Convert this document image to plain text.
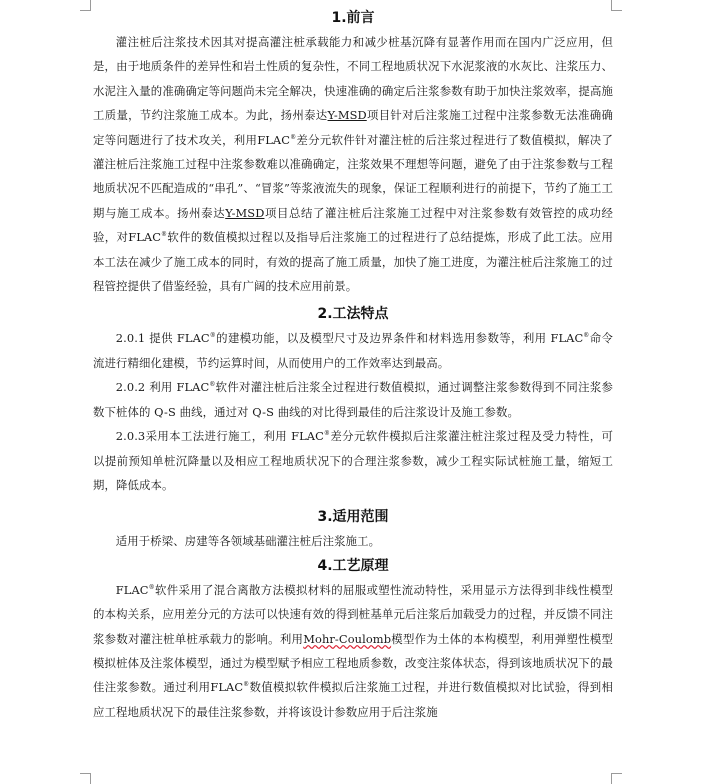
1.前言

灌注桩后注浆技术因其对提高灌注桩承载能力和减少桩基沉降有显著作用而在国内广泛应用，但是，由于地质条件的差异性和岩土性质的复杂性，不同工程地质状况下水泥浆液的水灰比、注浆压力、水泥注入量的准确确定等问题尚未完全解决，快速准确的确定后注浆参数有助于加快注浆效率，提高施工质量，节约注浆施工成本。为此，扬州泰达Y-MSD项目针对后注浆施工过程中注浆参数无法准确确定等问题进行了技术攻关，利用FLAC®差分元软件针对灌注桩的后注浆过程进行了数值模拟，解决了灌注桩后注浆施工过程中注浆参数难以准确确定，注浆效果不理想等问题，避免了由于注浆参数与工程地质状况不匹配造成的“串孔”、“冒浆”等浆液流失的现象，保证工程顺利进行的前提下，节约了施工工期与施工成本。扬州泰达Y-MSD项目总结了灌注桩后注浆施工过程中对注浆参数有效管控的成功经验，对FLAC®软件的数值模拟过程以及指导后注浆施工的过程进行了总结提炼，形成了此工法。应用本工法在减少了施工成本的同时，有效的提高了施工质量，加快了施工进度，为灌注桩后注浆施工的过程管控提供了借鉴经验，具有广阔的技术应用前景。

2.工法特点

2.0.1 提供 FLAC®的建模功能，以及模型尺寸及边界条件和材料选用参数等，利用 FLAC®命令流进行精细化建模，节约运算时间，从而使用户的工作效率达到最高。

2.0.2 利用 FLAC®软件对灌注桩后注浆全过程进行数值模拟，通过调整注浆参数得到不同注浆参数下桩体的 Q-S 曲线，通过对 Q-S 曲线的对比得到最佳的后注浆设计及施工参数。

2.0.3采用本工法进行施工，利用 FLAC®差分元软件模拟后注浆灌注桩注浆过程及受力特性，可以提前预知单桩沉降量以及相应工程地质状况下的合理注浆参数，减少工程实际试桩施工量，缩短工期，降低成本。

3.适用范围

适用于桥梁、房建等各领域基础灌注桩后注浆施工。

4.工艺原理

FLAC®软件采用了混合离散方法模拟材料的屈服或塑性流动特性，采用显示方法得到非线性模型的本构关系，应用差分元的方法可以快速有效的得到桩基单元后注浆后加载受力的过程，并反馈不同注浆参数对灌注桩单桩承载力的影响。利用Mohr-Coulomb模型作为土体的本构模型，利用弹塑性模型模拟桩体及注浆体模型，通过为模型赋予相应工程地质参数，改变注浆体状态，得到该地质状况下的最佳注浆参数。通过利用FLAC®数值模拟软件模拟后注浆施工过程，并进行数值模拟对比试验，得到相应工程地质状况下的最佳注浆参数，并将该设计参数应用于后注浆施
